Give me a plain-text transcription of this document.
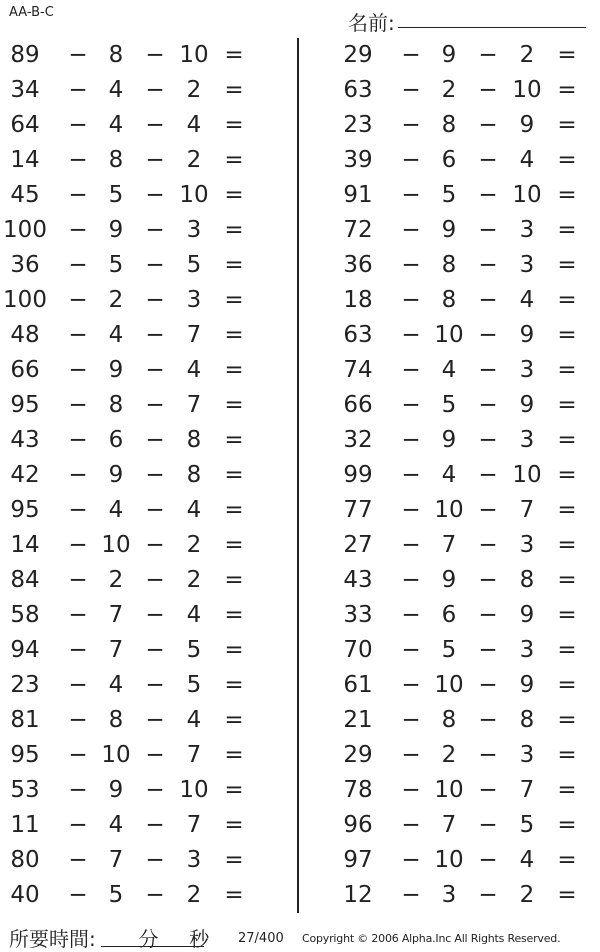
AA-B-C	名前:
89	− 8 − 10 =
34	− 4 − 2	=
64	− 4 − 4	=
14	− 8 − 2	=
45	− 5 − 10 =
100 − 9 − 3	=
36	− 5 − 5	=
100 − 2 − 3	=
48	− 4 − 7	=
66	− 9 − 4	=
95	− 8 − 7	=
43	− 6 − 8	=
42	− 9 − 8	=
95	− 4 − 4	=
14	− 10 − 2	=
84	− 2 − 2	=
58	− 7 − 4	=
94	− 7 − 5	=
23	− 4 − 5	=
81	− 8 − 4	=
95	− 10 − 7	=
53	− 9 − 10 =
11	− 4 − 7	=
80	− 7 − 3	=
40	− 5 − 2	=
29	− 9 − 2	=
63	− 2 − 10 =
23	− 8 − 9	=
39	− 6 − 4	=
91	− 5 − 10 =
72	− 9 − 3	=
36	− 8 − 3	=
18	− 8 − 4	=
63	− 10 − 9	=
74	− 4 − 3	=
66	− 5 − 9	=
32	− 9 − 3	=
99	− 4 − 10 =
77	− 10 − 7	=
27	− 7 − 3	=
43	− 9 − 8	=
33	− 6 − 9	=
70	− 5 − 3	=
61	− 10 − 9	=
21	− 8 − 8	=
29	− 2 − 3	=
78	− 10 − 7	=
96	− 7 − 5	=
97	− 10 − 4	=
12	− 3 − 2	=
所要時間: 分 秒 27/400 Copyright © 2006 Alpha.Inc All Rights Reserved.
